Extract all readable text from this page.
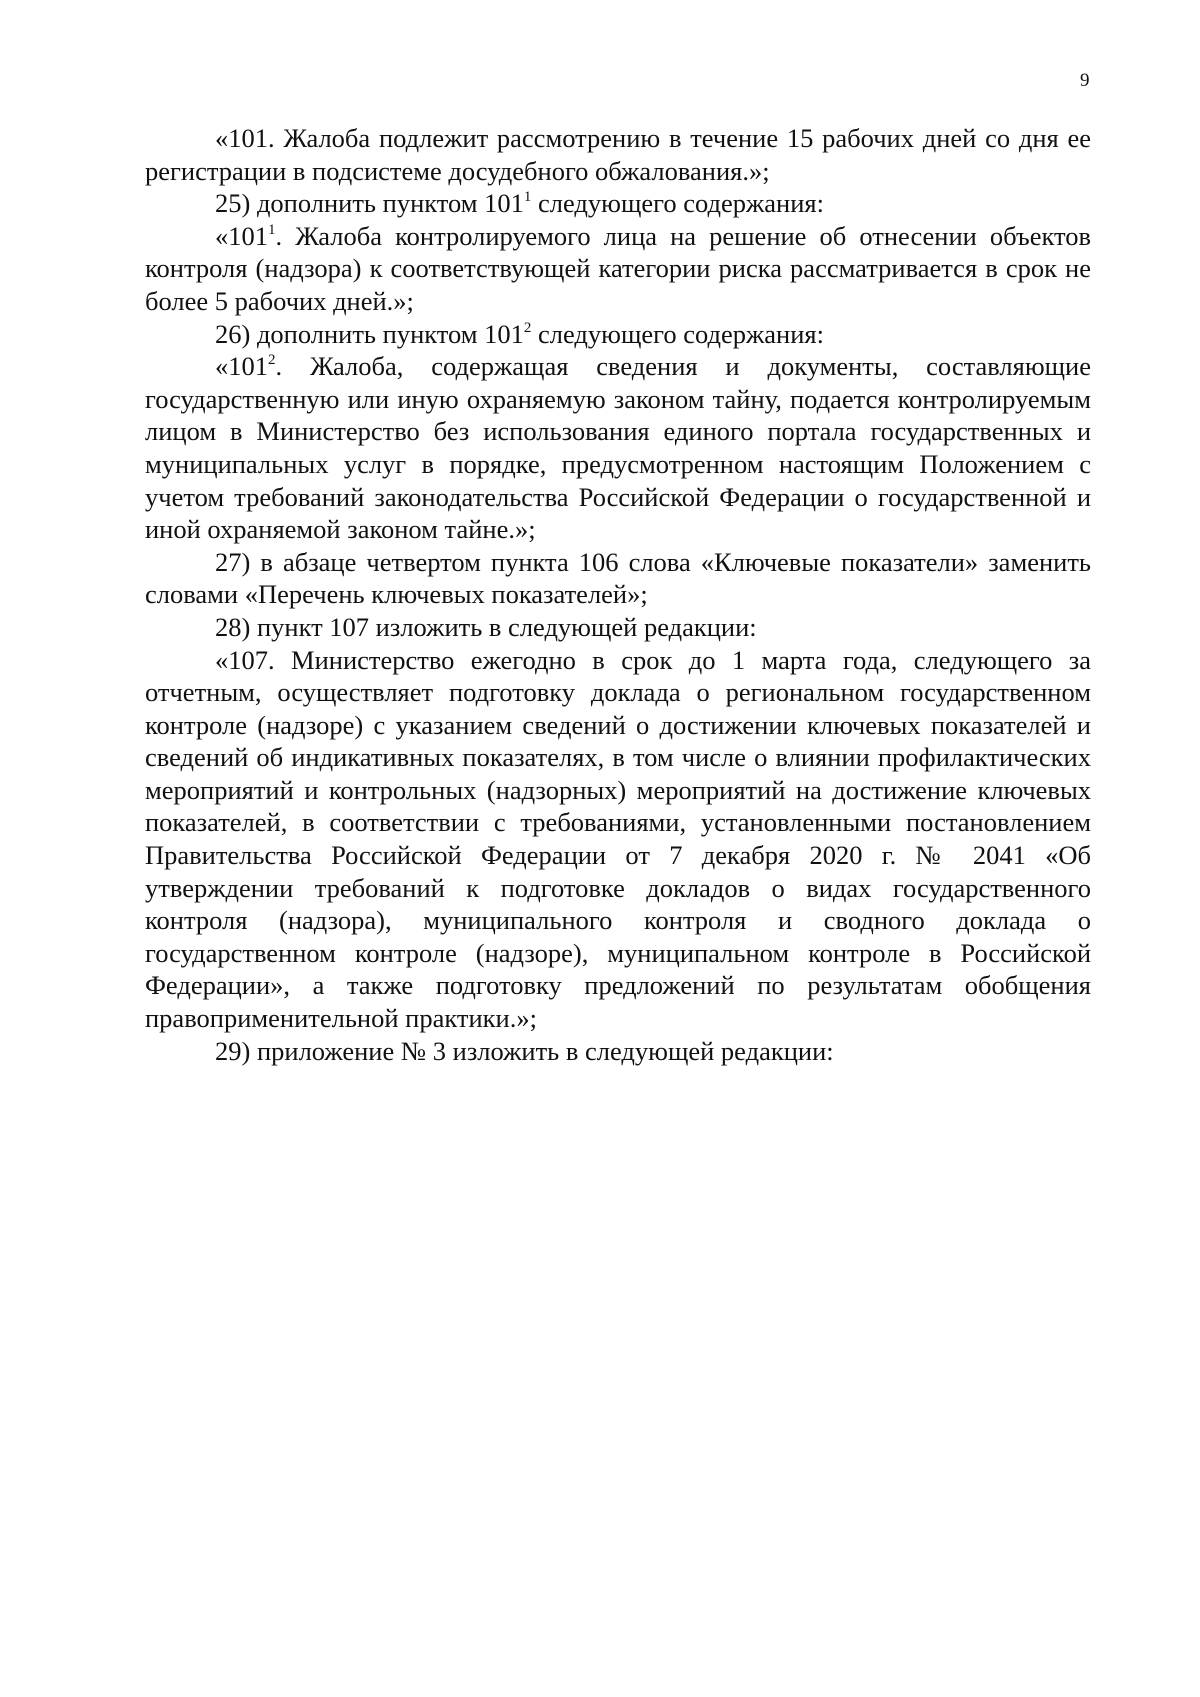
9

«101. Жалоба подлежит рассмотрению в течение 15 рабочих дней со дня ее регистрации в подсистеме досудебного обжалования.»;

25) дополнить пунктом $101^1$ следующего содержания:

«$101^1$. Жалоба контролируемого лица на решение об отнесении объектов контроля (надзора) к соответствующей категории риска рассматривается в срок не более 5 рабочих дней.»;

26) дополнить пунктом $101^2$ следующего содержания:

«$101^2$. Жалоба, содержащая сведения и документы, составляющие государственную или иную охраняемую законом тайну, подается контролируемым лицом в Министерство без использования единого портала государственных и муниципальных услуг в порядке, предусмотренном настоящим Положением с учетом требований законодательства Российской Федерации о государственной и иной охраняемой законом тайне.»;

27) в абзаце четвертом пункта 106 слова «Ключевые показатели» заменить словами «Перечень ключевых показателей»;

28) пункт 107 изложить в следующей редакции:

«107. Министерство ежегодно в срок до 1 марта года, следующего за отчетным, осуществляет подготовку доклада о региональном государственном контроле (надзоре) с указанием сведений о достижении ключевых показателей и сведений об индикативных показателях, в том числе о влиянии профилактических мероприятий и контрольных (надзорных) мероприятий на достижение ключевых показателей, в соответствии с требованиями, установленными постановлением Правительства Российской Федерации от 7 декабря 2020 г. № 2041 «Об утверждении требований к подготовке докладов о видах государственного контроля (надзора), муниципального контроля и сводного доклада о государственном контроле (надзоре), муниципальном контроле в Российской Федерации», а также подготовку предложений по результатам обобщения правоприменительной практики.»;

29) приложение № 3 изложить в следующей редакции:
